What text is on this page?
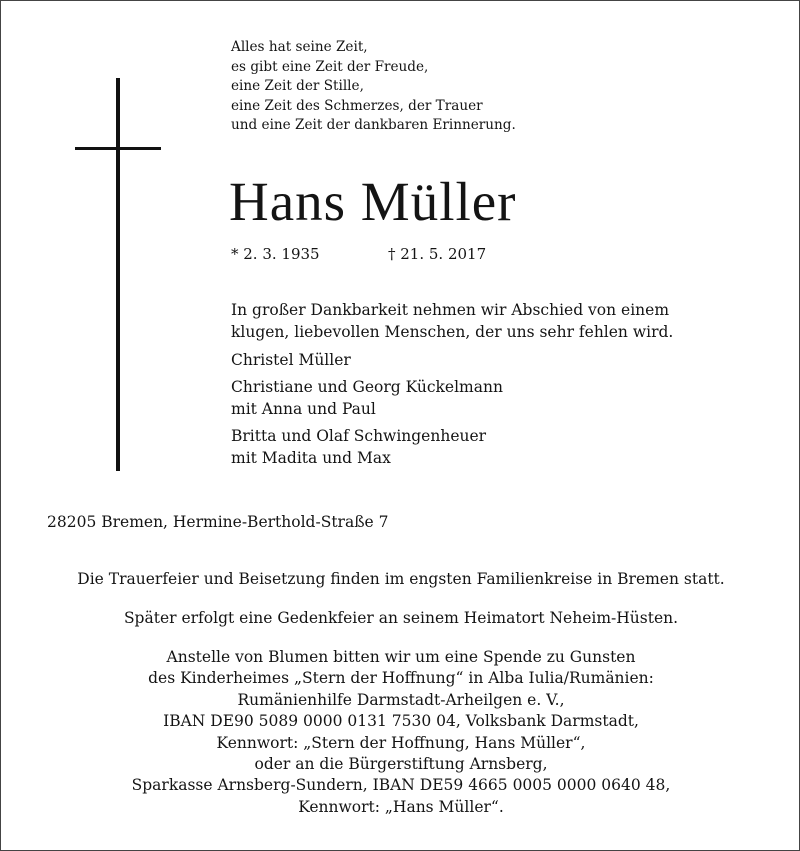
Alles hat seine Zeit,
es gibt eine Zeit der Freude,
eine Zeit der Stille,
eine Zeit des Schmerzes, der Trauer
und eine Zeit der dankbaren Erinnerung.
Hans Müller
* 2. 3. 1935	† 21. 5. 2017
In großer Dankbarkeit nehmen wir Abschied von einem
klugen, liebevollen Menschen, der uns sehr fehlen wird.
Christel Müller
Christiane und Georg Kückelmann
mit Anna und Paul
Britta und Olaf Schwingenheuer
mit Madita und Max
28205 Bremen, Hermine-Berthold-Straße 7
Die Trauerfeier und Beisetzung finden im engsten Familienkreise in Bremen statt.
Später erfolgt eine Gedenkfeier an seinem Heimatort Neheim-Hüsten.
Anstelle von Blumen bitten wir um eine Spende zu Gunsten
des Kinderheimes „Stern der Hoffnung“ in Alba Iulia/Rumänien:
Rumänienhilfe Darmstadt-Arheilgen e. V.,
IBAN DE90 5089 0000 0131 7530 04, Volksbank Darmstadt,
Kennwort: „Stern der Hoffnung, Hans Müller“,
oder an die Bürgerstiftung Arnsberg,
Sparkasse Arnsberg-Sundern, IBAN DE59 4665 0005 0000 0640 48,
Kennwort: „Hans Müller“.
